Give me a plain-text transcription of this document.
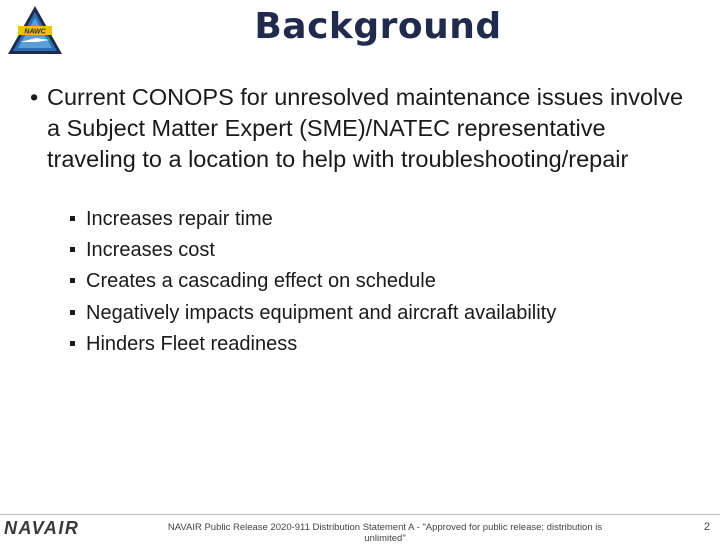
NAWC	Background
• Current CONOPS for unresolved maintenance issues involve a Subject Matter Expert (SME)/NATEC representative traveling to a location to help with troubleshooting/repair
Increases repair time
Increases cost
Creates a cascading effect on schedule
Negatively impacts equipment and aircraft availability
Hinders Fleet readiness
NAVAIR	NAVAIR Public Release 2020-911 Distribution Statement A - "Approved for public release; distribution is unlimited"
2
